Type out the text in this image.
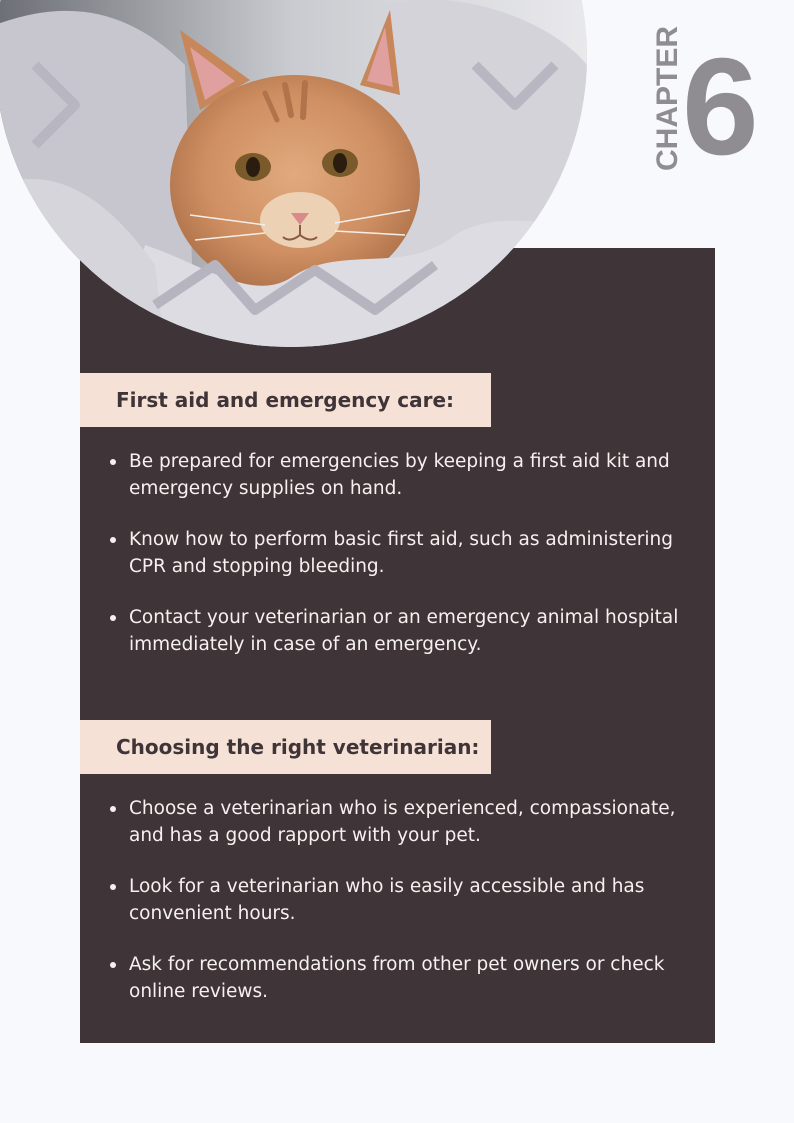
CHAPTER
6
First aid and emergency care:
Be prepared for emergencies by keeping a first aid kit and emergency supplies on hand.
Know how to perform basic first aid, such as administering CPR and stopping bleeding.
Contact your veterinarian or an emergency animal hospital immediately in case of an emergency.
Choosing the right veterinarian:
Choose a veterinarian who is experienced, compassionate, and has a good rapport with your pet.
Look for a veterinarian who is easily accessible and has convenient hours.
Ask for recommendations from other pet owners or check online reviews.
